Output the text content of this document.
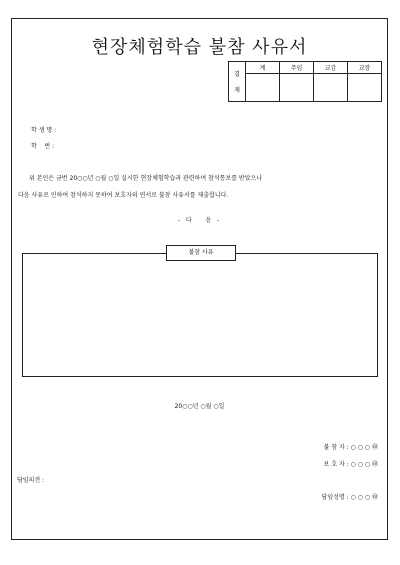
현장체험학습 불참 사유서
결

재	계	주임	교감	교장

학 생 명 :
학    번 :
위 본인은 금번 20○○년 ○월 ○일 실시한 현장체험학습과 관련하여 참석통보를 받았으나
다음 사유로 인하여 참석하지 못하여 보호자의 연서로 불참 사유서를 제출합니다.
- 다   음 -
불참 사유
20○○년 ○월 ○일
불 참 자 : ○ ○ ○ ㊞
보 호 자 : ○ ○ ○ ㊞
담임의견 :
담임성명 : ○ ○ ○ ㊞
